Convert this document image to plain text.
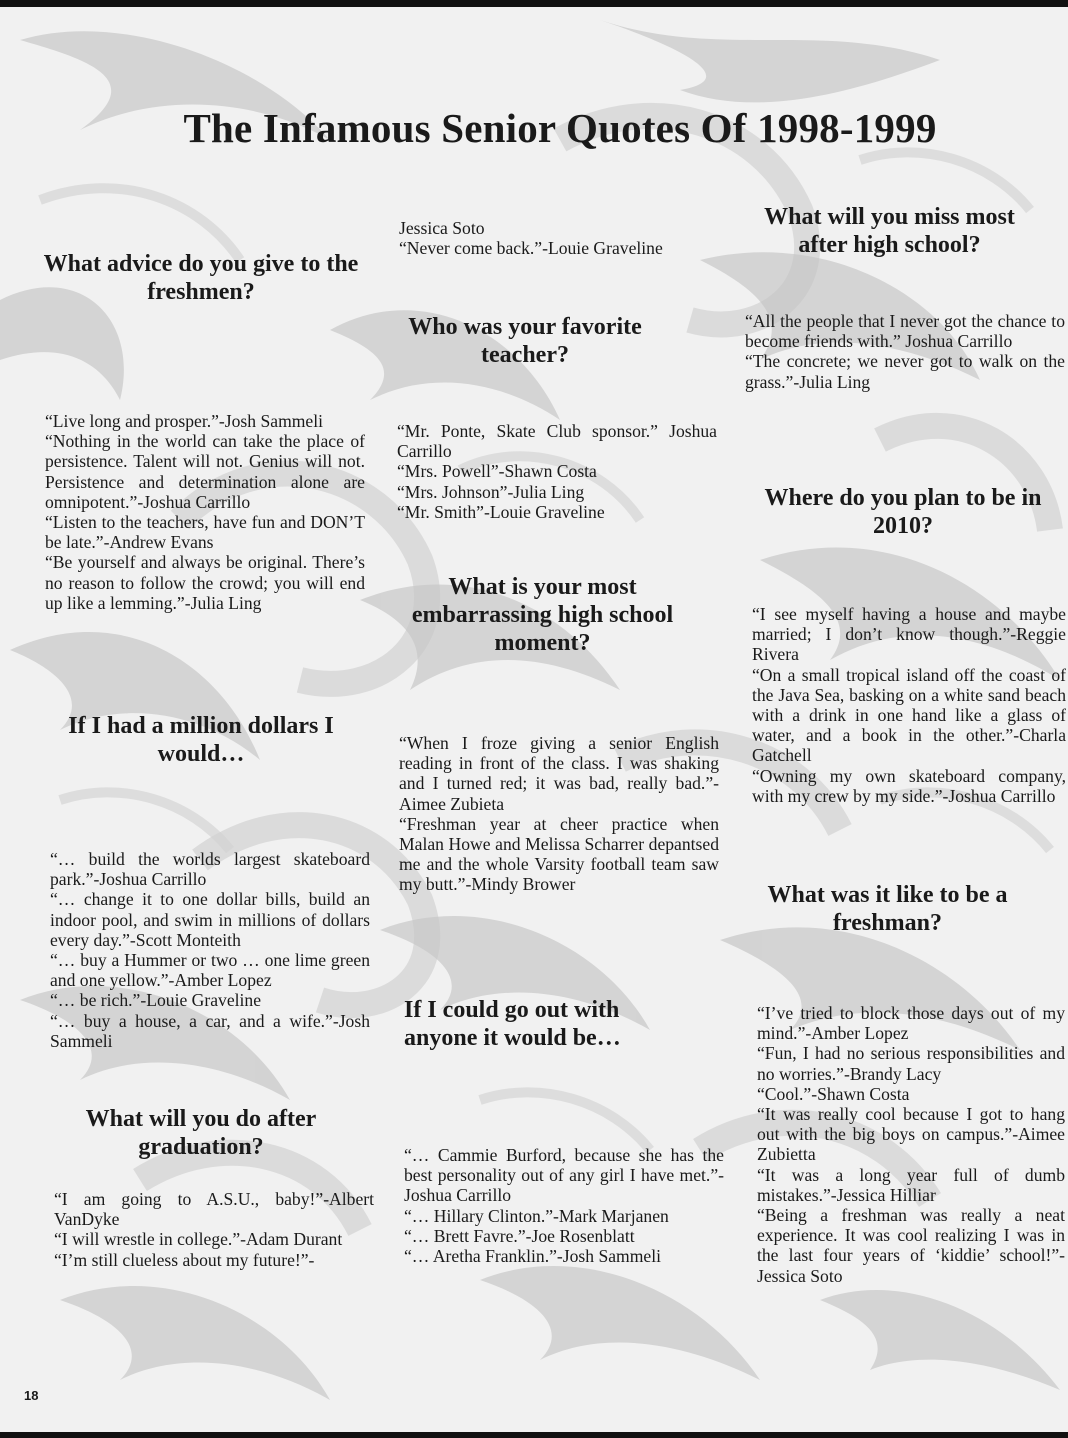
The Infamous Senior Quotes Of 1998-1999
What advice do you give to the freshmen?

“Live long and prosper.”-Josh Sammeli

“Nothing in the world can take the place of persistence. Talent will not. Genius will not. Persistence and determination alone are omnipotent.”-Joshua Carrillo

“Listen to the teachers, have fun and DON’T be late.”-Andrew Evans

“Be yourself and always be original. There’s no reason to follow the crowd; you will end up like a lemming.”-Julia Ling

If I had a million dollars I would…

“… build the worlds largest skateboard park.”-Joshua Carrillo

“… change it to one dollar bills, build an indoor pool, and swim in millions of dollars every day.”-Scott Monteith

“… buy a Hummer or two … one lime green and one yellow.”-Amber Lopez

“… be rich.”-Louie Graveline

“… buy a house, a car, and a wife.”-Josh Sammeli

What will you do after graduation?

“I am going to A.S.U., baby!”-Albert VanDyke

“I will wrestle in college.”-Adam Durant

“I’m still clueless about my future!”-

Jessica Soto

“Never come back.”-Louie Graveline

Who was your favorite teacher?

“Mr. Ponte, Skate Club sponsor.” Joshua Carrillo

“Mrs. Powell”-Shawn Costa

“Mrs. Johnson”-Julia Ling

“Mr. Smith”-Louie Graveline

What is your most embarrassing high school moment?

“When I froze giving a senior English reading in front of the class. I was shaking and I turned red; it was bad, really bad.”-Aimee Zubieta

“Freshman year at cheer practice when Malan Howe and Melissa Scharrer depantsed me and the whole Varsity football team saw my butt.”-Mindy Brower

If I could go out with anyone it would be…

“… Cammie Burford, because she has the best personality out of any girl I have met.”-Joshua Carrillo

“… Hillary Clinton.”-Mark Marjanen

“… Brett Favre.”-Joe Rosenblatt

“… Aretha Franklin.”-Josh Sammeli

What will you miss most after high school?

“All the people that I never got the chance to become friends with.” Joshua Carrillo

“The concrete; we never got to walk on the grass.”-Julia Ling

Where do you plan to be in 2010?

“I see myself having a house and maybe married; I don’t know though.”-Reggie Rivera

“On a small tropical island off the coast of the Java Sea, basking on a white sand beach with a drink in one hand like a glass of water, and a book in the other.”-Charla Gatchell

“Owning my own skateboard company, with my crew by my side.”-Joshua Carrillo

What was it like to be a freshman?

“I’ve tried to block those days out of my mind.”-Amber Lopez

“Fun, I had no serious responsibilities and no worries.”-Brandy Lacy

“Cool.”-Shawn Costa

“It was really cool because I got to hang out with the big boys on campus.”-Aimee Zubietta

“It was a long year full of dumb mistakes.”-Jessica Hilliar

“Being a freshman was really a neat experience. It was cool realizing I was in the last four years of ‘kiddie’ school!”-Jessica Soto

18
